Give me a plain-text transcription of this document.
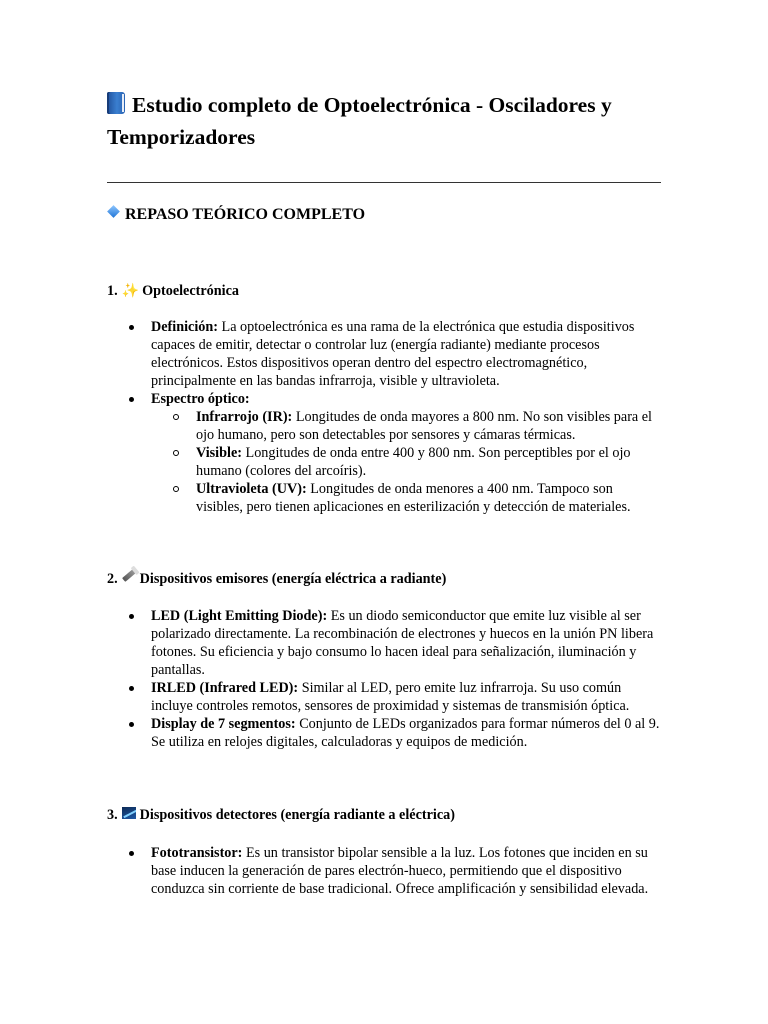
Estudio completo de Optoelectrónica - Osciladores y Temporizadores
REPASO TEÓRICO COMPLETO
1. ✨ Optoelectrónica
Definición: La optoelectrónica es una rama de la electrónica que estudia dispositivos capaces de emitir, detectar o controlar luz (energía radiante) mediante procesos electrónicos. Estos dispositivos operan dentro del espectro electromagnético, principalmente en las bandas infrarroja, visible y ultravioleta.
Espectro óptico:
Infrarrojo (IR): Longitudes de onda mayores a 800 nm. No son visibles para el ojo humano, pero son detectables por sensores y cámaras térmicas.
Visible: Longitudes de onda entre 400 y 800 nm. Son perceptibles por el ojo humano (colores del arcoíris).
Ultravioleta (UV): Longitudes de onda menores a 400 nm. Tampoco son visibles, pero tienen aplicaciones en esterilización y detección de materiales.
2. Dispositivos emisores (energía eléctrica a radiante)
LED (Light Emitting Diode): Es un diodo semiconductor que emite luz visible al ser polarizado directamente. La recombinación de electrones y huecos en la unión PN libera fotones. Su eficiencia y bajo consumo lo hacen ideal para señalización, iluminación y pantallas.
IRLED (Infrared LED): Similar al LED, pero emite luz infrarroja. Su uso común incluye controles remotos, sensores de proximidad y sistemas de transmisión óptica.
Display de 7 segmentos: Conjunto de LEDs organizados para formar números del 0 al 9. Se utiliza en relojes digitales, calculadoras y equipos de medición.
3. Dispositivos detectores (energía radiante a eléctrica)
Fototransistor: Es un transistor bipolar sensible a la luz. Los fotones que inciden en su base inducen la generación de pares electrón-hueco, permitiendo que el dispositivo conduzca sin corriente de base tradicional. Ofrece amplificación y sensibilidad elevada.
